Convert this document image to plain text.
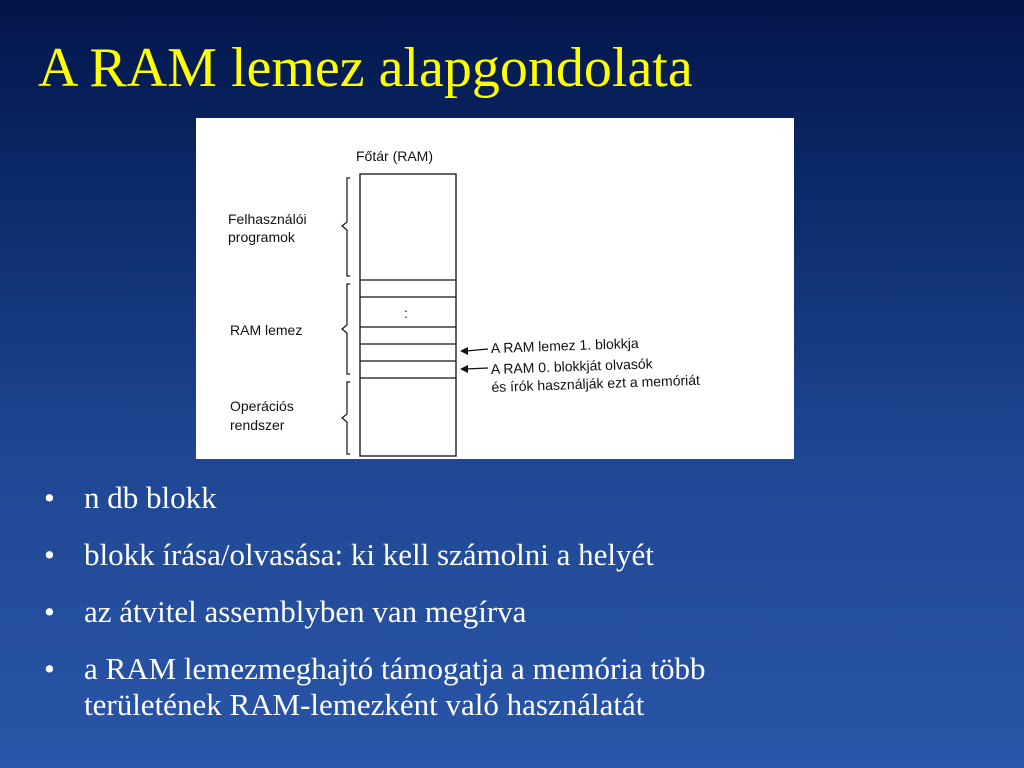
A RAM lemez alapgondolata
Főtár (RAM)
:
Felhasználói programok
RAM lemez
Operációs rendszer
A RAM lemez 1. blokkja
A RAM 0. blokkját olvasók és írók használják ezt a memóriát
• n db blokk
• blokk írása/olvasása: ki kell számolni a helyét
• az átvitel assemblyben van megírva
• a RAM lemezmeghajtó támogatja a memória több
területének RAM-lemezként való használatát
